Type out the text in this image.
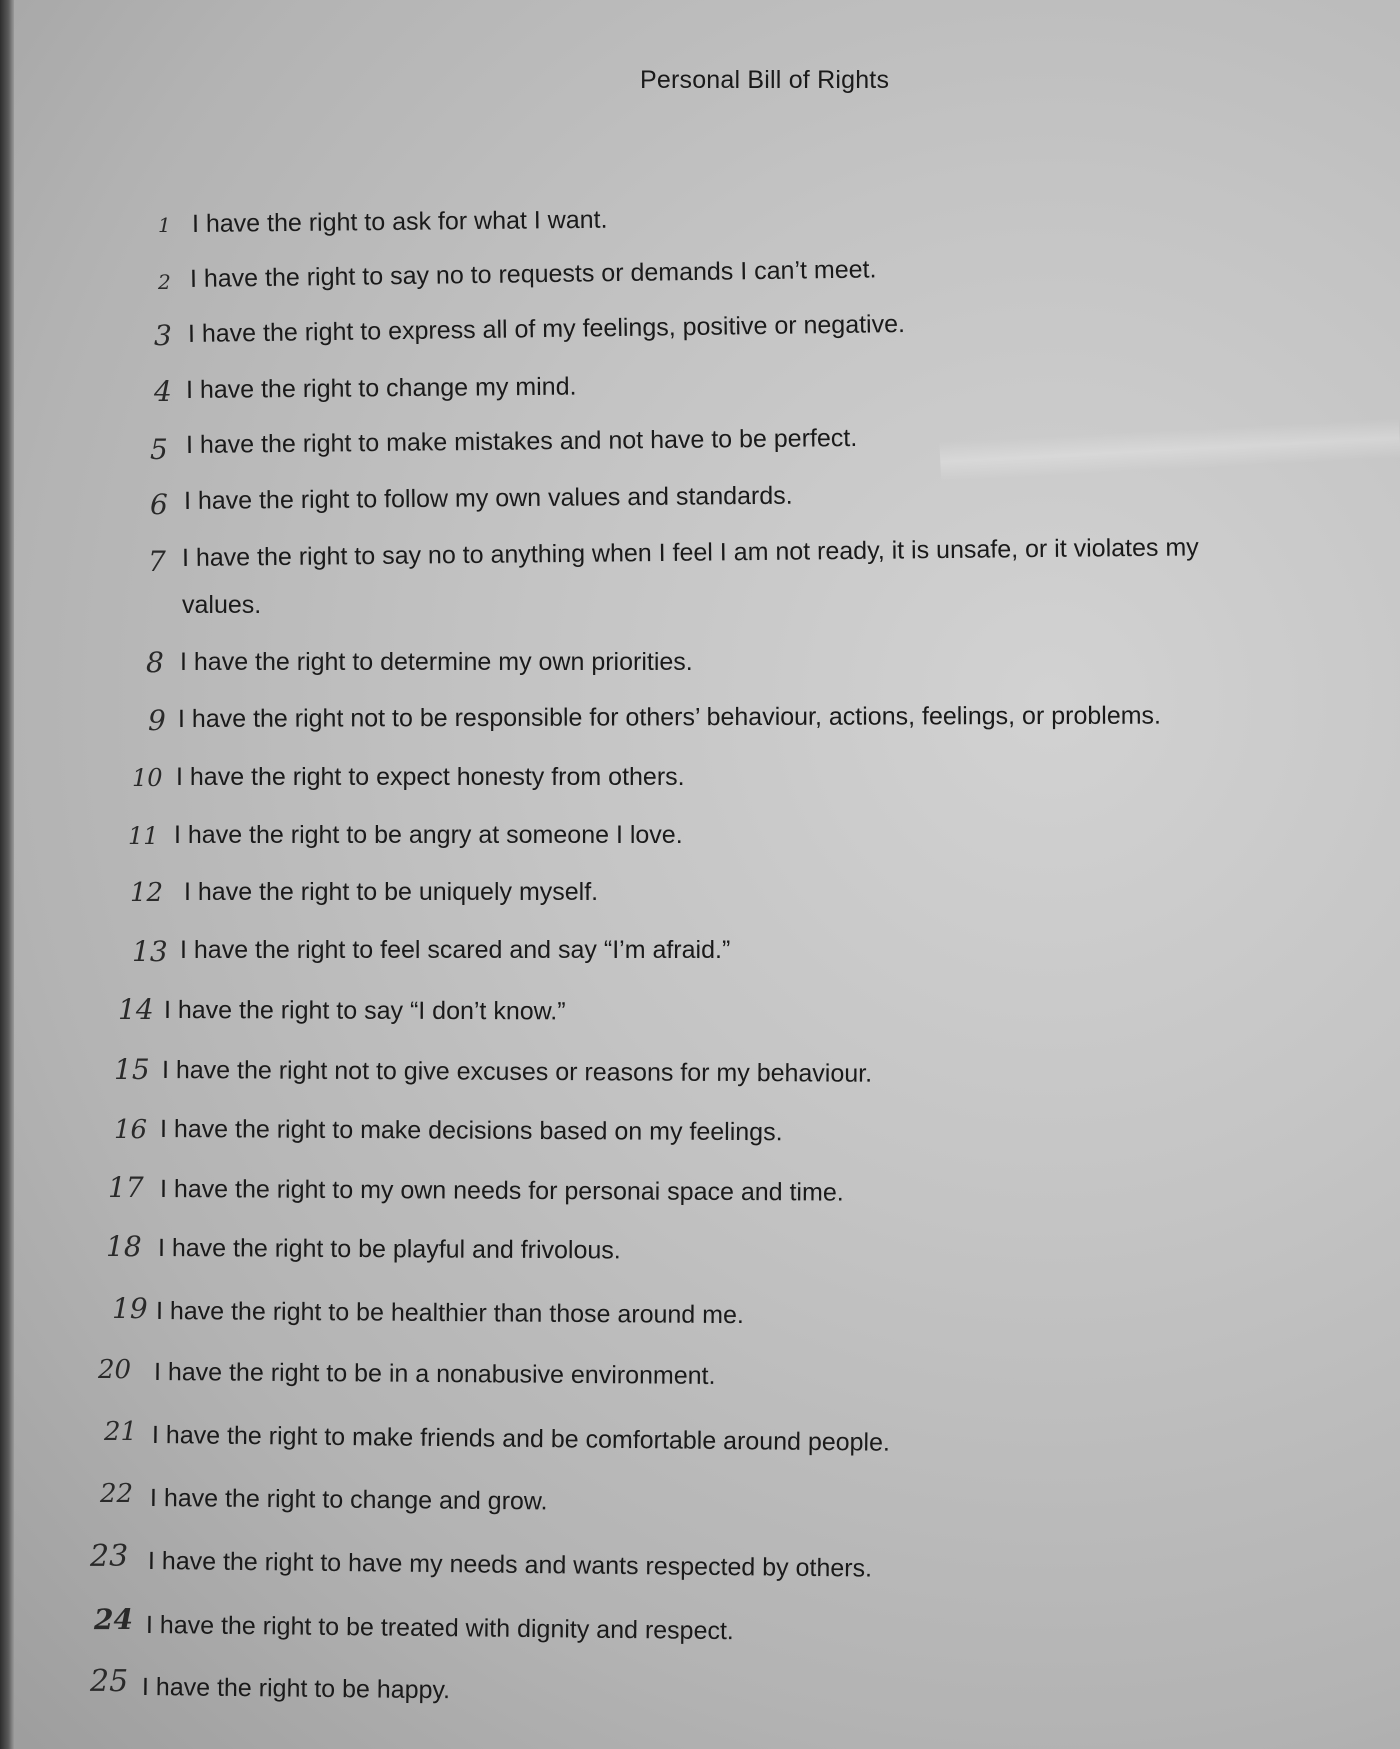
Personal Bill of Rights
1 I have the right to ask for what I want.
2 I have the right to say no to requests or demands I can’t meet.
3 I have the right to express all of my feelings, positive or negative.
4 I have the right to change my mind.
5 I have the right to make mistakes and not have to be perfect.
6 I have the right to follow my own values and standards.
7 I have the right to say no to anything when I feel I am not ready, it is unsafe, or it violates my
values.
8 I have the right to determine my own priorities.
9 I have the right not to be responsible for others’ behaviour, actions, feelings, or problems.
10 I have the right to expect honesty from others.
11 I have the right to be angry at someone I love.
12 I have the right to be uniquely myself.
13 I have the right to feel scared and say “I’m afraid.”
14 I have the right to say “I don’t know.”
15 I have the right not to give excuses or reasons for my behaviour.
16 I have the right to make decisions based on my feelings.
17 I have the right to my own needs for personai space and time.
18 I have the right to be playful and frivolous.
19 I have the right to be healthier than those around me.
20 I have the right to be in a nonabusive environment.
21 I have the right to make friends and be comfortable around people.
22 I have the right to change and grow.
23 I have the right to have my needs and wants respected by others.
24 I have the right to be treated with dignity and respect.
25 I have the right to be happy.
